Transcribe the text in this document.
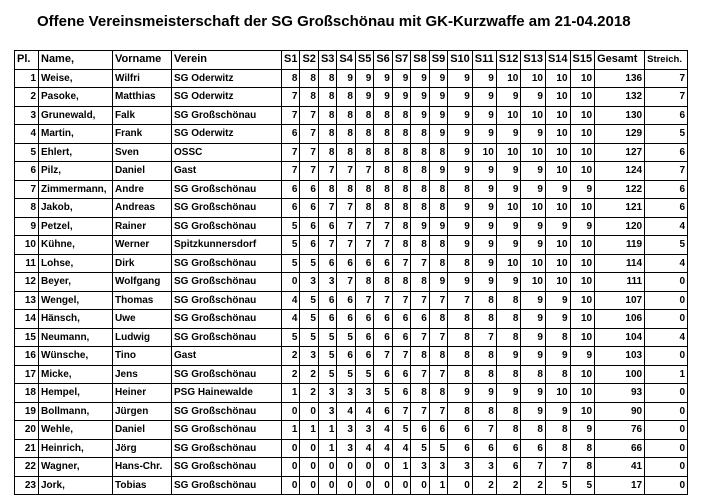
Offene Vereinsmeisterschaft der SG Großschönau mit GK-Kurzwaffe am 21-04.2018
Pl.	Name,	Vorname	Verein	S1	S2	S3	S4	S5	S6	S7	S8	S9	S10	S11	S12	S13	S14	S15	Gesamt	Streich.
1	Weise,	Wilfri	SG Oderwitz	8	8	8	9	9	9	9	9	9	9	9	10	10	10	10	136	7
2	Pasoke,	Matthias	SG Oderwitz	7	8	8	8	9	9	9	9	9	9	9	9	9	10	10	132	7
3	Grunewald,	Falk	SG Großschönau	7	7	8	8	8	8	8	9	9	9	9	10	10	10	10	130	6
4	Martin,	Frank	SG Oderwitz	6	7	8	8	8	8	8	8	9	9	9	9	9	10	10	129	5
5	Ehlert,	Sven	OSSC	7	7	8	8	8	8	8	8	8	9	10	10	10	10	10	127	6
6	Pilz,	Daniel	Gast	7	7	7	7	7	8	8	8	9	9	9	9	9	10	10	124	7
7	Zimmermann,	Andre	SG Großschönau	6	6	8	8	8	8	8	8	8	8	9	9	9	9	9	122	6
8	Jakob,	Andreas	SG Großschönau	6	6	7	7	8	8	8	8	8	9	9	10	10	10	10	121	6
9	Petzel,	Rainer	SG Großschönau	5	6	6	7	7	7	8	9	9	9	9	9	9	9	9	120	4
10	Kühne,	Werner	Spitzkunnersdorf	5	6	7	7	7	7	8	8	8	9	9	9	9	10	10	119	5
11	Lohse,	Dirk	SG Großschönau	5	5	6	6	6	6	7	7	8	8	9	10	10	10	10	114	4
12	Beyer,	Wolfgang	SG Großschönau	0	3	3	7	8	8	8	8	9	9	9	9	10	10	10	111	0
13	Wengel,	Thomas	SG Großschönau	4	5	6	6	7	7	7	7	7	7	8	8	9	9	10	107	0
14	Hänsch,	Uwe	SG Großschönau	4	5	6	6	6	6	6	6	8	8	8	8	9	9	10	106	0
15	Neumann,	Ludwig	SG Großschönau	5	5	5	5	6	6	6	7	7	8	7	8	9	8	10	104	4
16	Wünsche,	Tino	Gast	2	3	5	6	6	7	7	8	8	8	8	9	9	9	9	103	0
17	Micke,	Jens	SG Großschönau	2	2	5	5	5	6	6	7	7	8	8	8	8	8	10	100	1
18	Hempel,	Heiner	PSG Hainewalde	1	2	3	3	3	5	6	8	8	9	9	9	9	10	10	93	0
19	Bollmann,	Jürgen	SG Großschönau	0	0	3	4	4	6	7	7	7	8	8	8	9	9	10	90	0
20	Wehle,	Daniel	SG Großschönau	1	1	1	3	3	4	5	6	6	6	7	8	8	8	9	76	0
21	Heinrich,	Jörg	SG Großschönau	0	0	1	3	4	4	4	5	5	6	6	6	6	8	8	66	0
22	Wagner,	Hans-Chr.	SG Großschönau	0	0	0	0	0	0	1	3	3	3	3	6	7	7	8	41	0
23	Jork,	Tobias	SG Großschönau	0	0	0	0	0	0	0	0	1	0	2	2	2	5	5	17	0
